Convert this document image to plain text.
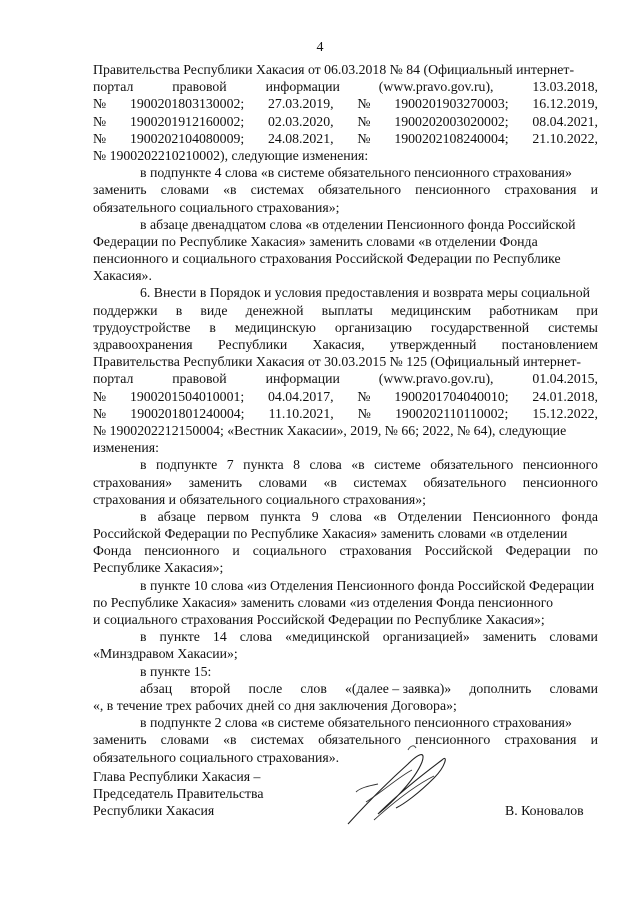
4
Правительства Республики Хакасия от 06.03.2018 № 84 (Официальный интернет-
портал	правовой	информации	(www.pravo.gov.ru),	13.03.2018,
№ 1900201803130002; 27.03.2019, № 1900201903270003; 16.12.2019,
№ 1900201912160002; 02.03.2020, № 1900202003020002; 08.04.2021,
№ 1900202104080009; 24.08.2021, № 1900202108240004; 21.10.2022,
№ 1900202210210002), следующие изменения:
в подпункте 4 слова «в системе обязательного пенсионного страхования»
заменить словами «в системах обязательного пенсионного страхования и
обязательного социального страхования»;
в абзаце двенадцатом слова «в отделении Пенсионного фонда Российской
Федерации по Республике Хакасия» заменить словами «в отделении Фонда
пенсионного и социального страхования Российской Федерации по Республике
Хакасия».
6. Внести в Порядок и условия предоставления и возврата меры социальной
поддержки в виде денежной выплаты медицинским работникам при
трудоустройстве в медицинскую организацию государственной системы
здравоохранения Республики Хакасия, утвержденный постановлением
Правительства Республики Хакасия от 30.03.2015 № 125 (Официальный интернет-
портал	правовой	информации	(www.pravo.gov.ru),	01.04.2015,
№ 1900201504010001; 04.04.2017, № 1900201704040010; 24.01.2018,
№ 1900201801240004; 11.10.2021, № 1900202110110002; 15.12.2022,
№ 1900202212150004; «Вестник Хакасии», 2019, № 66; 2022, № 64), следующие
изменения:
в подпункте 7 пункта 8 слова «в системе обязательного пенсионного
страхования» заменить словами «в системах обязательного пенсионного
страхования и обязательного социального страхования»;
в абзаце первом пункта 9 слова «в Отделении Пенсионного фонда
Российской Федерации по Республике Хакасия» заменить словами «в отделении
Фонда пенсионного и социального страхования Российской Федерации по
Республике Хакасия»;
в пункте 10 слова «из Отделения Пенсионного фонда Российской Федерации
по Республике Хакасия» заменить словами «из отделения Фонда пенсионного
и социального страхования Российской Федерации по Республике Хакасия»;
в пункте 14 слова «медицинской организацией» заменить словами
«Минздравом Хакасии»;
в пункте 15:
абзац второй после слов «(далее – заявка)» дополнить словами
«, в течение трех рабочих дней со дня заключения Договора»;
в подпункте 2 слова «в системе обязательного пенсионного страхования»
заменить словами «в системах обязательного пенсионного страхования и
обязательного социального страхования».
Глава Республики Хакасия –
Председатель Правительства
Республики Хакасия	В. Коновалов
